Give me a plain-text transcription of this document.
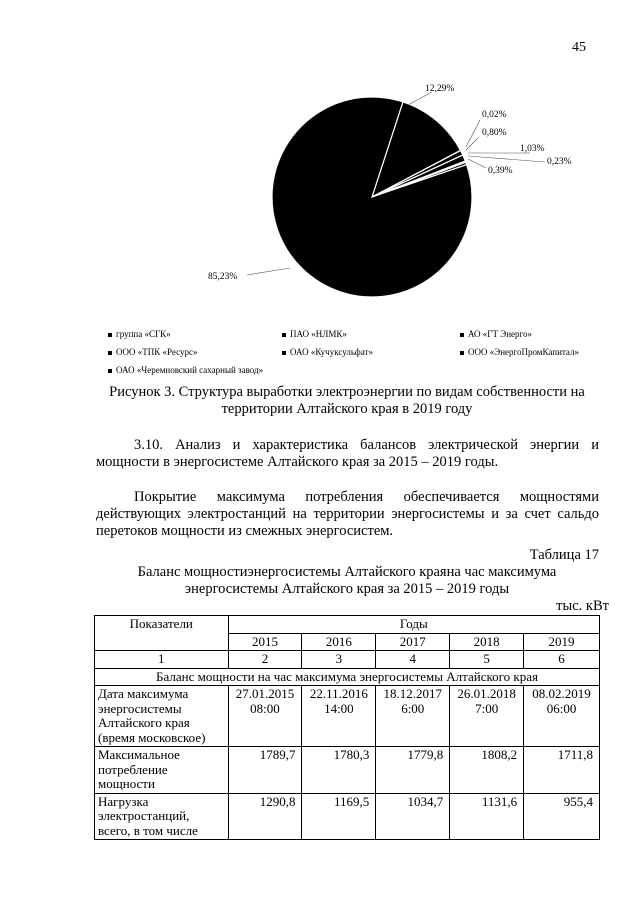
45
12,29%
0,02%
0,80%
1,03%
0,23%
0,39%
85,23%
группа «СГК»	ПАО «НЛМК»	АО «ГТ Энерго»
ООО «ТПК «Ресурс»	ОАО «Кучуксульфат»	ООО «ЭнергоПромКапитал»
ОАО «Черемновский сахарный завод»
Рисунок 3. Структура выработки электроэнергии по видам собственности на территории Алтайского края в 2019 году
3.10. Анализ и характеристика балансов электрической энергии и мощности в энергосистеме Алтайского края за 2015 – 2019 годы.
Покрытие максимума потребления обеспечивается мощностями действующих электростанций на территории энергосистемы и за счет сальдо перетоков мощности из смежных энергосистем.
Таблица 17
Баланс мощностиэнергосистемы Алтайского краяна час максимума энергосистемы Алтайского края за 2015 – 2019 годы
тыс. кВт
Показатели	Годы				
	2015	2016	2017	2018	2019
1	2	3	4	5	6
Баланс мощности на час максимума энергосистемы Алтайского края					
Дата максимума энергосистемы Алтайского края (время московское)	27.01.2015 08:00	22.11.2016 14:00	18.12.2017 6:00	26.01.2018 7:00	08.02.2019 06:00
Максимальное потребление мощности	1789,7	1780,3	1779,8	1808,2	1711,8
Нагрузка электростанций, всего, в том числе	1290,8	1169,5	1034,7	1131,6	955,4
